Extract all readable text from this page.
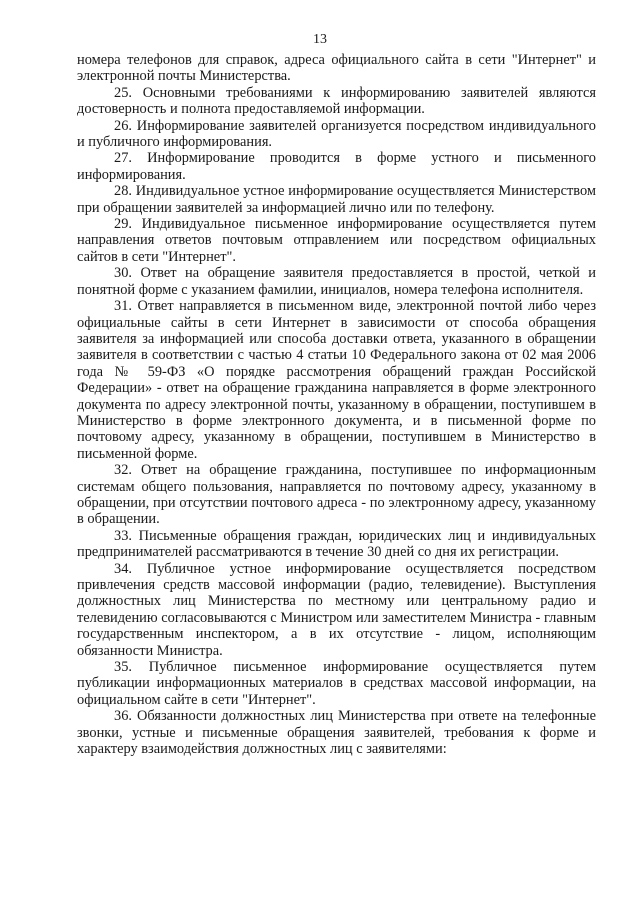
13

номера телефонов для справок, адреса официального сайта в сети "Интернет" и электронной почты Министерства.

25. Основными требованиями к информированию заявителей являются достоверность и полнота предоставляемой информации.

26. Информирование заявителей организуется посредством индивидуального и публичного информирования.

27. Информирование проводится в форме устного и письменного информирования.

28. Индивидуальное устное информирование осуществляется Министерством при обращении заявителей за информацией лично или по телефону.

29. Индивидуальное письменное информирование осуществляется путем направления ответов почтовым отправлением или посредством официальных сайтов в сети "Интернет".

30. Ответ на обращение заявителя предоставляется в простой, четкой и понятной форме с указанием фамилии, инициалов, номера телефона исполнителя.

31. Ответ направляется в письменном виде, электронной почтой либо через официальные сайты в сети Интернет в зависимости от способа обращения заявителя за информацией или способа доставки ответа, указанного в обращении заявителя в соответствии с частью 4 статьи 10 Федерального закона от 02 мая 2006 года № 59-ФЗ «О порядке рассмотрения обращений граждан Российской Федерации» - ответ на обращение гражданина направляется в форме электронного документа по адресу электронной почты, указанному в обращении, поступившем в Министерство в форме электронного документа, и в письменной форме по почтовому адресу, указанному в обращении, поступившем в Министерство в письменной форме.

32. Ответ на обращение гражданина, поступившее по информационным системам общего пользования, направляется по почтовому адресу, указанному в обращении, при отсутствии почтового адреса - по электронному адресу, указанному в обращении.

33. Письменные обращения граждан, юридических лиц и индивидуальных предпринимателей рассматриваются в течение 30 дней со дня их регистрации.

34. Публичное устное информирование осуществляется посредством привлечения средств массовой информации (радио, телевидение). Выступления должностных лиц Министерства по местному или центральному радио и телевидению согласовываются с Министром или заместителем Министра - главным государственным инспектором, а в их отсутствие - лицом, исполняющим обязанности Министра.

35. Публичное письменное информирование осуществляется путем публикации информационных материалов в средствах массовой информации, на официальном сайте в сети "Интернет".

36. Обязанности должностных лиц Министерства при ответе на телефонные звонки, устные и письменные обращения заявителей, требования к форме и характеру взаимодействия должностных лиц с заявителями:
